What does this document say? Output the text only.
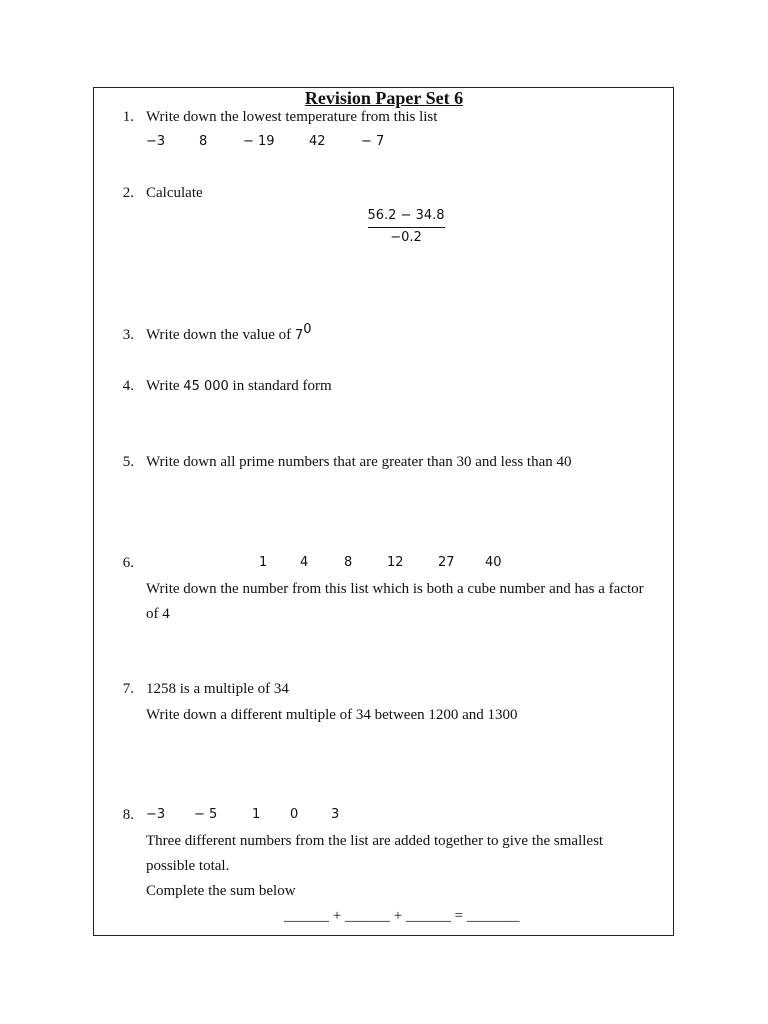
Revision Paper Set 6
1. Write down the lowest temperature from this list
−3	8	− 19	42	− 7
2. Calculate
56.2 − 34.8
−0.2
3. Write down the value of $7^0$
4. Write 45 000 in standard form
5. Write down all prime numbers that are greater than 30 and less than 40
6.	1	4	8	12	27 40
Write down the number from this list which is both a cube number and has a factor
of 4
7. 1258 is a multiple of 34
Write down a different multiple of 34 between 1200 and 1300
8. −3 − 5	1 0	3
Three different numbers from the list are added together to give the smallest
possible total.
Complete the sum below
______ + ______ + ______ = _______
